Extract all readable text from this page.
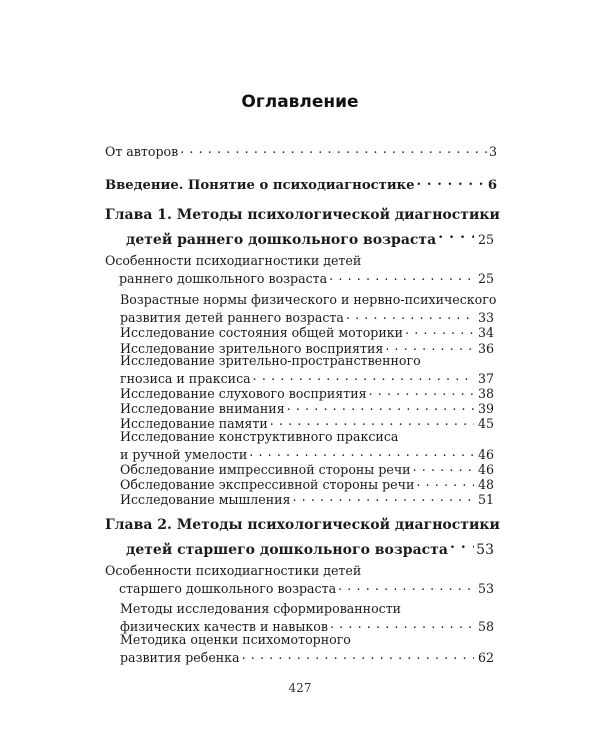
Оглавление
От авторов . . .	3
Введение. Понятие о психодиагностике . . .	6
Глава 1. Методы психологической диагностики
детей раннего дошкольного возраста . . .	25
Особенности психодиагностики детей
раннего дошкольного возраста . . .	25
Возрастные нормы физического и нервно-психического
развития детей раннего возраста . . .	33
Исследование состояния общей моторики . . .	34
Исследование зрительного восприятия . . .	36
Исследование зрительно-пространственного
гнозиса и праксиса . . .	37
Исследование слухового восприятия . . .	38
Исследование внимания . . .	39
Исследование памяти . . .	45
Исследование конструктивного праксиса
и ручной умелости . . .	46
Обследование импрессивной стороны речи . . .	46
Обследование экспрессивной стороны речи . . .	48
Исследование мышления . . .	51
Глава 2. Методы психологической диагностики
детей старшего дошкольного возраста . . . 53
Особенности психодиагностики детей
старшего дошкольного возраста . . .	53
Методы исследования сформированности
физических качеств и навыков . . .	58
Методика оценки психомоторного
развития ребенка . . .	62
427
